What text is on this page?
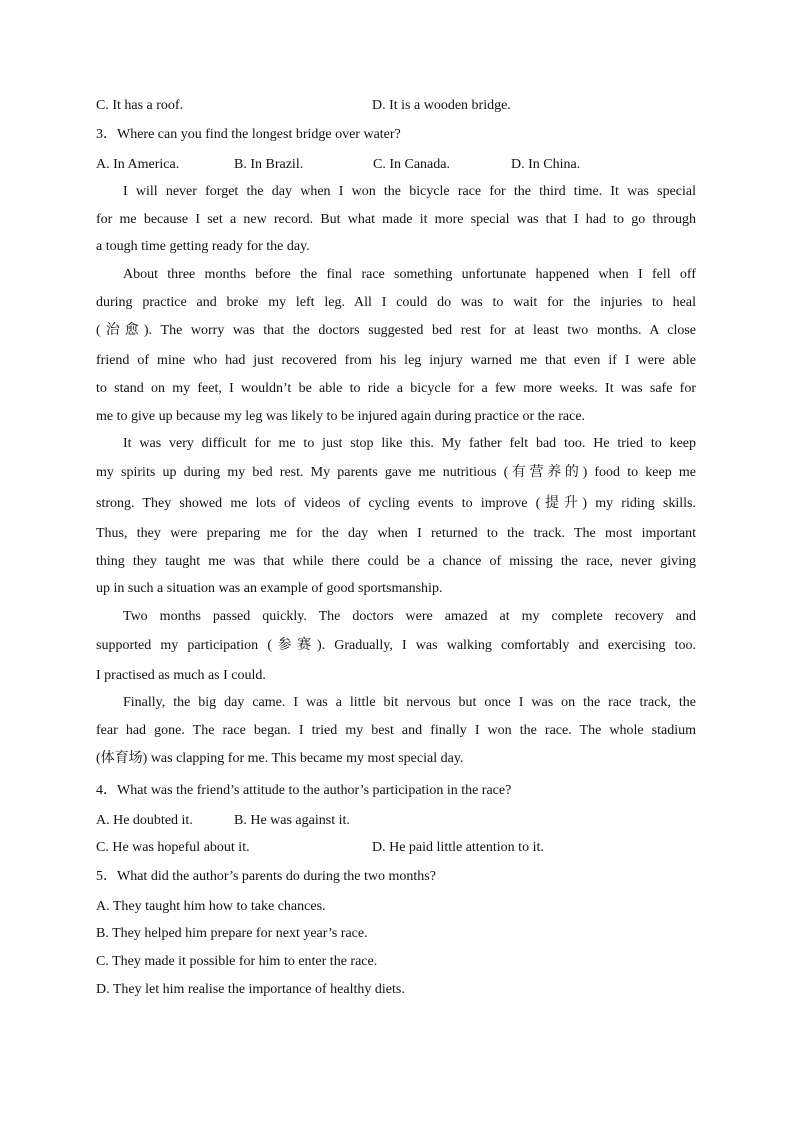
C. It has a roof.	D. It is a wooden bridge.
3．Where can you find the longest bridge over water?
A. In America.	B. In Brazil.	C. In Canada.	D. In China.
I will never forget the day when I won the bicycle race for the third time. It was special
for me because I set a new record. But what made it more special was that I had to go through
a tough time getting ready for the day.
About three months before the final race something unfortunate happened when I fell off
during practice and broke my left leg. All I could do was to wait for the injuries to heal
(治愈). The worry was that the doctors suggested bed rest for at least two months. A close
friend of mine who had just recovered from his leg injury warned me that even if I were able
to stand on my feet, I wouldn’t be able to ride a bicycle for a few more weeks. It was safe for
me to give up because my leg was likely to be injured again during practice or the race.
It was very difficult for me to just stop like this. My father felt bad too. He tried to keep
my spirits up during my bed rest. My parents gave me nutritious (有营养的) food to keep me
strong. They showed me lots of videos of cycling events to improve (提升) my riding skills.
Thus, they were preparing me for the day when I returned to the track. The most important
thing they taught me was that while there could be a chance of missing the race, never giving
up in such a situation was an example of good sportsmanship.
Two months passed quickly. The doctors were amazed at my complete recovery and
supported my participation (参赛). Gradually, I was walking comfortably and exercising too.
I practised as much as I could.
Finally, the big day came. I was a little bit nervous but once I was on the race track, the
fear had gone. The race began. I tried my best and finally I won the race. The whole stadium
(体育场) was clapping for me. This became my most special day.
4．What was the friend’s attitude to the author’s participation in the race?
A. He doubted it.	B. He was against it.
C. He was hopeful about it.	D. He paid little attention to it.
5．What did the author’s parents do during the two months?
A. They taught him how to take chances.
B. They helped him prepare for next year’s race.
C. They made it possible for him to enter the race.
D. They let him realise the importance of healthy diets.
